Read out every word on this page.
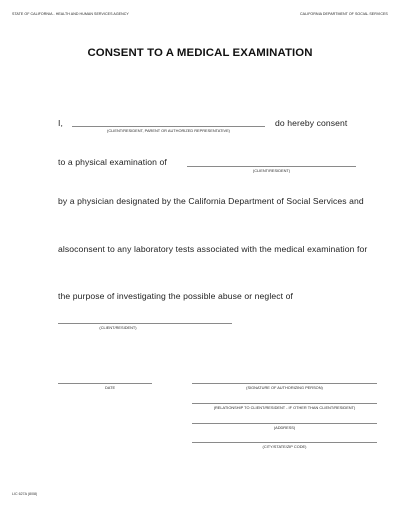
STATE OF CALIFORNIA - HEALTH AND HUMAN SERVICES AGENCY	CALIFORNIA DEPARTMENT OF SOCIAL SERVICES
CONSENT TO A MEDICAL EXAMINATION
I,	do hereby consent
(CLIENT/RESIDENT, PARENT OR AUTHORIZED REPRESENTATIVE)
to a physical examination of
(CLIENT/RESIDENT)
by a physician designated by the California Department of Social Services and
alsoconsent to any laboratory tests associated with the medical examination for
the purpose of investigating the possible abuse or neglect of
(CLIENT/RESIDENT)
DATE	(SIGNATURE OF AUTHORIZING PERSON)
(RELATIONSHIP TO CLIENT/RESIDENT - IF OTHER THAN CLIENT/RESIDENT)
(ADDRESS)
(CITY/STATE/ZIP CODE)
LIC 627A (8/08)
